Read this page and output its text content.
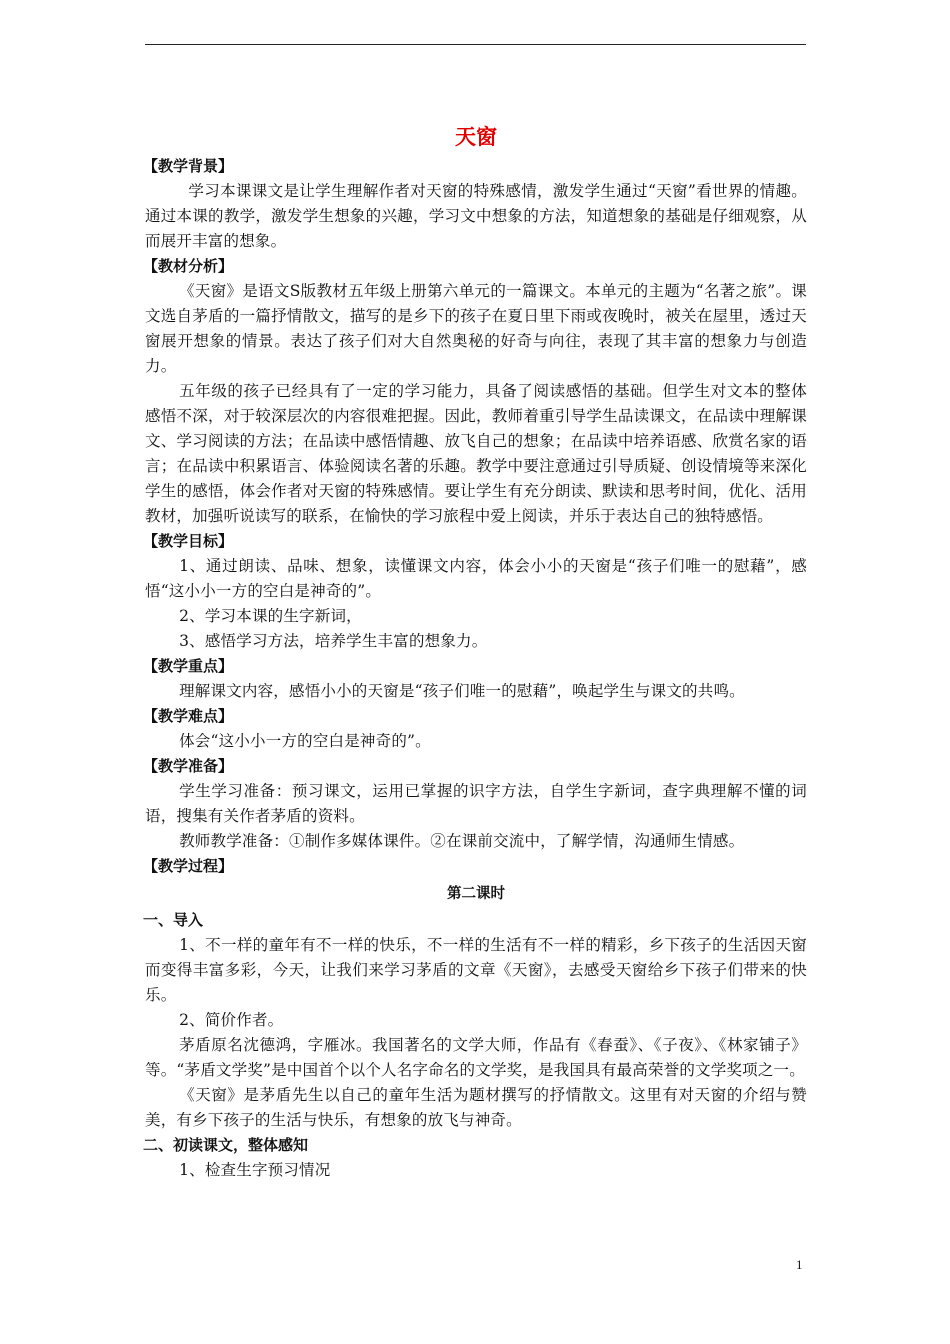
天窗
【教学背景】

学习本课课文是让学生理解作者对天窗的特殊感情，激发学生通过“天窗”看世界的情趣。通过本课的教学，激发学生想象的兴趣，学习文中想象的方法，知道想象的基础是仔细观察，从而展开丰富的想象。

【教材分析】

《天窗》是语文S版教材五年级上册第六单元的一篇课文。本单元的主题为“名著之旅”。课文选自茅盾的一篇抒情散文，描写的是乡下的孩子在夏日里下雨或夜晚时，被关在屋里，透过天窗展开想象的情景。表达了孩子们对大自然奥秘的好奇与向往，表现了其丰富的想象力与创造力。

五年级的孩子已经具有了一定的学习能力，具备了阅读感悟的基础。但学生对文本的整体感悟不深，对于较深层次的内容很难把握。因此，教师着重引导学生品读课文，在品读中理解课文、学习阅读的方法；在品读中感悟情趣、放飞自己的想象；在品读中培养语感、欣赏名家的语言；在品读中积累语言、体验阅读名著的乐趣。教学中要注意通过引导质疑、创设情境等来深化学生的感悟，体会作者对天窗的特殊感情。要让学生有充分朗读、默读和思考时间，优化、活用教材，加强听说读写的联系，在愉快的学习旅程中爱上阅读，并乐于表达自己的独特感悟。

【教学目标】

1、通过朗读、品味、想象，读懂课文内容，体会小小的天窗是“孩子们唯一的慰藉”，感悟“这小小一方的空白是神奇的”。

2、学习本课的生字新词，

3、感悟学习方法，培养学生丰富的想象力。

【教学重点】

理解课文内容，感悟小小的天窗是“孩子们唯一的慰藉”，唤起学生与课文的共鸣。

【教学难点】

体会“这小小一方的空白是神奇的”。

【教学准备】

学生学习准备：预习课文，运用已掌握的识字方法，自学生字新词，查字典理解不懂的词语，搜集有关作者茅盾的资料。

教师教学准备：①制作多媒体课件。②在课前交流中，了解学情，沟通师生情感。

【教学过程】
第二课时
一、导入

1、不一样的童年有不一样的快乐，不一样的生活有不一样的精彩，乡下孩子的生活因天窗而变得丰富多彩，今天，让我们来学习茅盾的文章《天窗》，去感受天窗给乡下孩子们带来的快乐。

2、简价作者。

茅盾原名沈德鸿，字雁冰。我国著名的文学大师，作品有《春蚕》、《子夜》、《林家铺子》等。“茅盾文学奖”是中国首个以个人名字命名的文学奖，是我国具有最高荣誉的文学奖项之一。

《天窗》是茅盾先生以自己的童年生活为题材撰写的抒情散文。这里有对天窗的介绍与赞美，有乡下孩子的生活与快乐，有想象的放飞与神奇。

二、初读课文，整体感知

1、检查生字预习情况

1
